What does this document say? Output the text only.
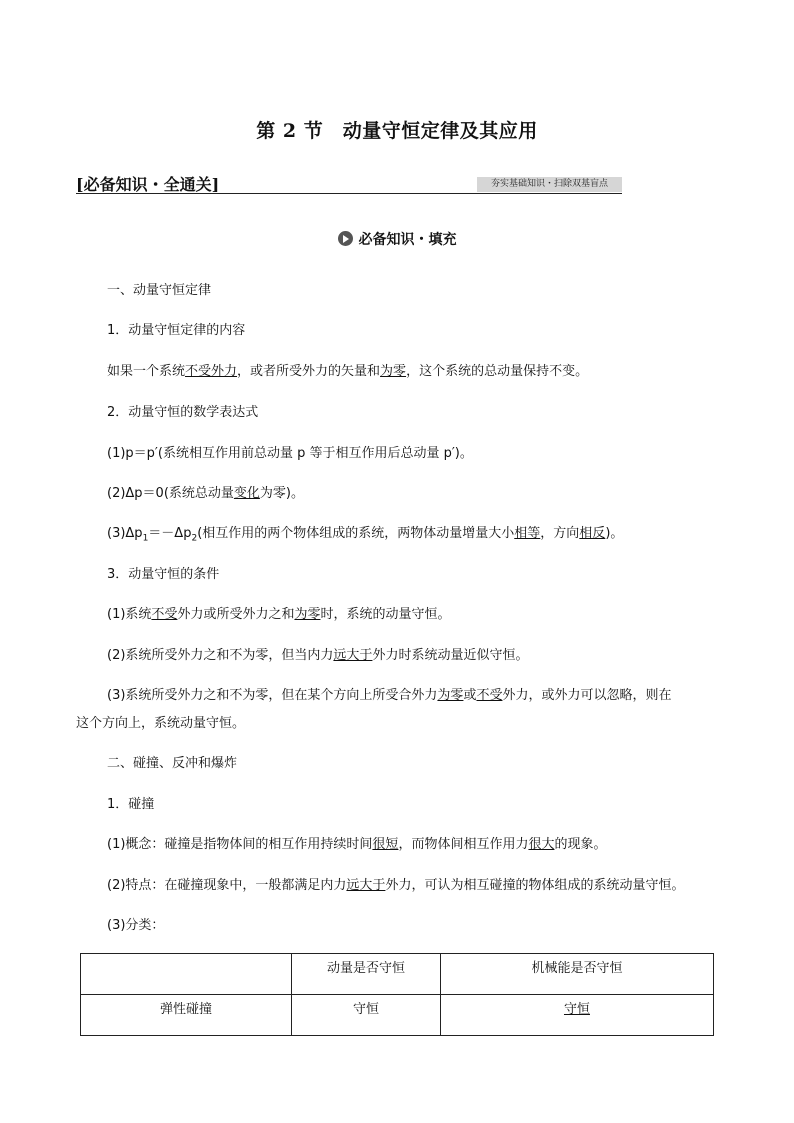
第 2 节　动量守恒定律及其应用
[必备知识・全通关]	夯实基础知识・扫除双基盲点
必备知识・填充
一、动量守恒定律
1．动量守恒定律的内容
如果一个系统不受外力，或者所受外力的矢量和为零，这个系统的总动量保持不变。
2．动量守恒的数学表达式
(1)p＝p′(系统相互作用前总动量 p 等于相互作用后总动量 p′)。
(2)Δp＝0(系统总动量变化为零)。
$(3)\Delta p_1=-\Delta p_2$(相互作用的两个物体组成的系统，两物体动量增量大小相等，方向相反)。
3．动量守恒的条件
(1)系统不受外力或所受外力之和为零时，系统的动量守恒。
(2)系统所受外力之和不为零，但当内力远大于外力时系统动量近似守恒。
(3)系统所受外力之和不为零，但在某个方向上所受合外力为零或不受外力，或外力可以忽略，则在
这个方向上，系统动量守恒。
二、碰撞、反冲和爆炸
1．碰撞
(1)概念：碰撞是指物体间的相互作用持续时间很短，而物体间相互作用力很大的现象。
(2)特点：在碰撞现象中，一般都满足内力远大于外力，可认为相互碰撞的物体组成的系统动量守恒。
(3)分类：
	动量是否守恒	机械能是否守恒
弹性碰撞	守恒	守恒
